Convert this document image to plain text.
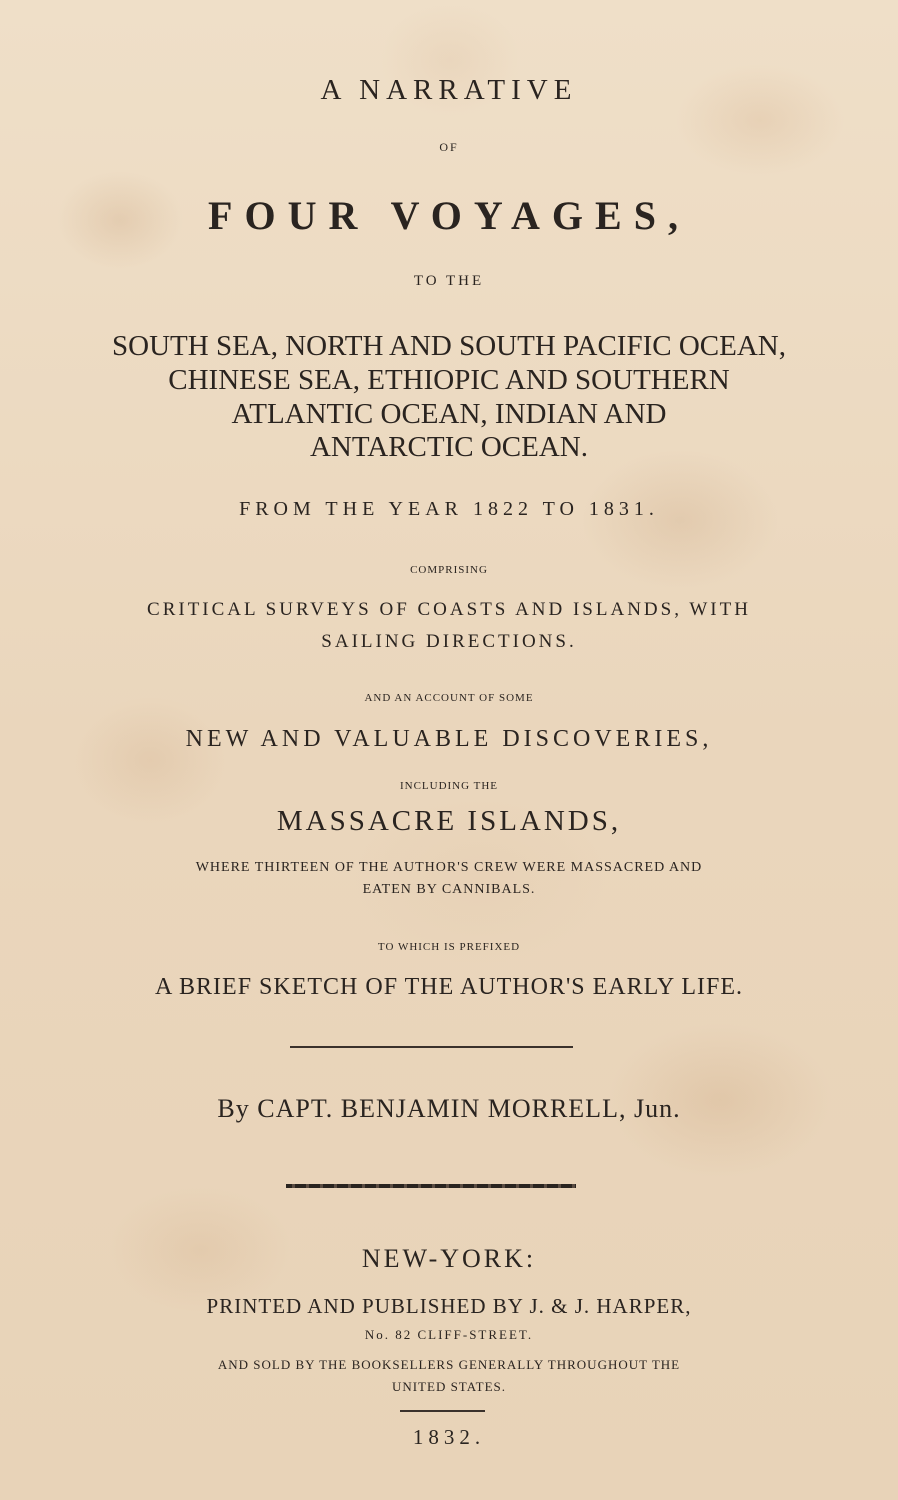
A NARRATIVE
OF
FOUR VOYAGES,
TO THE
SOUTH SEA, NORTH AND SOUTH PACIFIC OCEAN,
CHINESE SEA, ETHIOPIC AND SOUTHERN
ATLANTIC OCEAN, INDIAN AND
ANTARCTIC OCEAN.
FROM THE YEAR 1822 TO 1831.
COMPRISING
CRITICAL SURVEYS OF COASTS AND ISLANDS, WITH
SAILING DIRECTIONS.
AND AN ACCOUNT OF SOME
NEW AND VALUABLE DISCOVERIES,
INCLUDING THE
MASSACRE ISLANDS,
WHERE THIRTEEN OF THE AUTHOR'S CREW WERE MASSACRED AND
EATEN BY CANNIBALS.
TO WHICH IS PREFIXED
A BRIEF SKETCH OF THE AUTHOR'S EARLY LIFE.
By CAPT. BENJAMIN MORRELL, Jun.
NEW-YORK:
PRINTED AND PUBLISHED BY J. & J. HARPER,
No. 82 CLIFF-STREET.
AND SOLD BY THE BOOKSELLERS GENERALLY THROUGHOUT THE
UNITED STATES.
1832.
